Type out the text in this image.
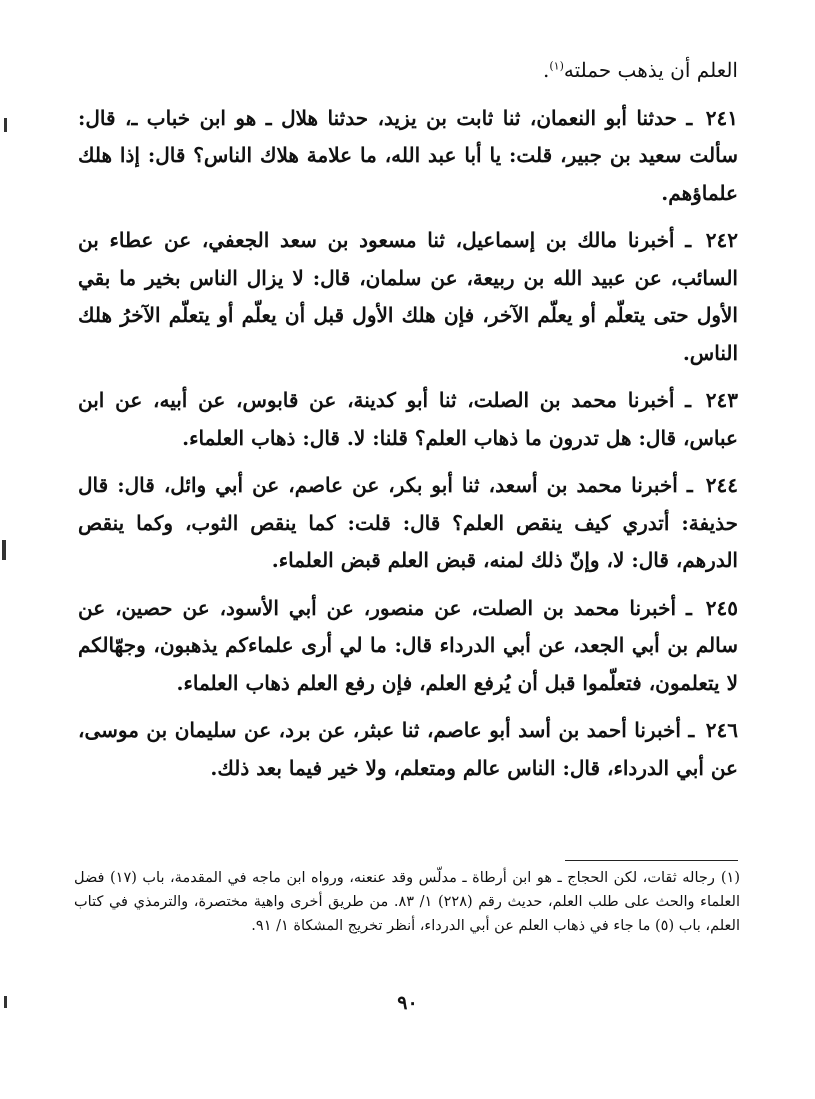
العلم أن يذهب حملته$^{(١)}$.

٢٤١ ـ حدثنا أبو النعمان، ثنا ثابت بن يزيد، حدثنا هلال ـ هو ابن خباب ـ، قال: سألت سعيد بن جبير، قلت: يا أبا عبد الله، ما علامة هلاك الناس؟ قال: إذا هلك علماؤهم.

٢٤٢ ـ أخبرنا مالك بن إسماعيل، ثنا مسعود بن سعد الجعفي، عن عطاء بن السائب، عن عبيد الله بن ربيعة، عن سلمان، قال: لا يزال الناس بخير ما بقي الأول حتى يتعلّم أو يعلّم الآخر، فإن هلك الأول قبل أن يعلّم أو يتعلّم الآخرُ هلك الناس.

٢٤٣ ـ أخبرنا محمد بن الصلت، ثنا أبو كدينة، عن قابوس، عن أبيه، عن ابن عباس، قال: هل تدرون ما ذهاب العلم؟ قلنا: لا. قال: ذهاب العلماء.

٢٤٤ ـ أخبرنا محمد بن أسعد، ثنا أبو بكر، عن عاصم، عن أبي وائل، قال: قال حذيفة: أتدري كيف ينقص العلم؟ قال: قلت: كما ينقص الثوب، وكما ينقص الدرهم، قال: لا، وإنّ ذلك لمنه، قبض العلم قبض العلماء.

٢٤٥ ـ أخبرنا محمد بن الصلت، عن منصور، عن أبي الأسود، عن حصين، عن سالم بن أبي الجعد، عن أبي الدرداء قال: ما لي أرى علماءكم يذهبون، وجهّالكم لا يتعلمون، فتعلّموا قبل أن يُرفع العلم، فإن رفع العلم ذهاب العلماء.

٢٤٦ ـ أخبرنا أحمد بن أسد أبو عاصم، ثنا عبثر، عن برد، عن سليمان بن موسى، عن أبي الدرداء، قال: الناس عالم ومتعلم، ولا خير فيما بعد ذلك.

(١)رجاله ثقات، لكن الحجاج ـ هو ابن أرطاة ـ مدلّس وقد عنعنه، ورواه ابن ماجه في المقدمة، باب (١٧) فضل العلماء والحث على طلب العلم، حديث رقم (٢٢٨) ١/ ٨٣. من طريق أخرى واهية مختصرة، والترمذي في كتاب العلم، باب (٥) ما جاء في ذهاب العلم عن أبي الدرداء، أنظر تخريج المشكاة ١/ ٩١.
٩٠
